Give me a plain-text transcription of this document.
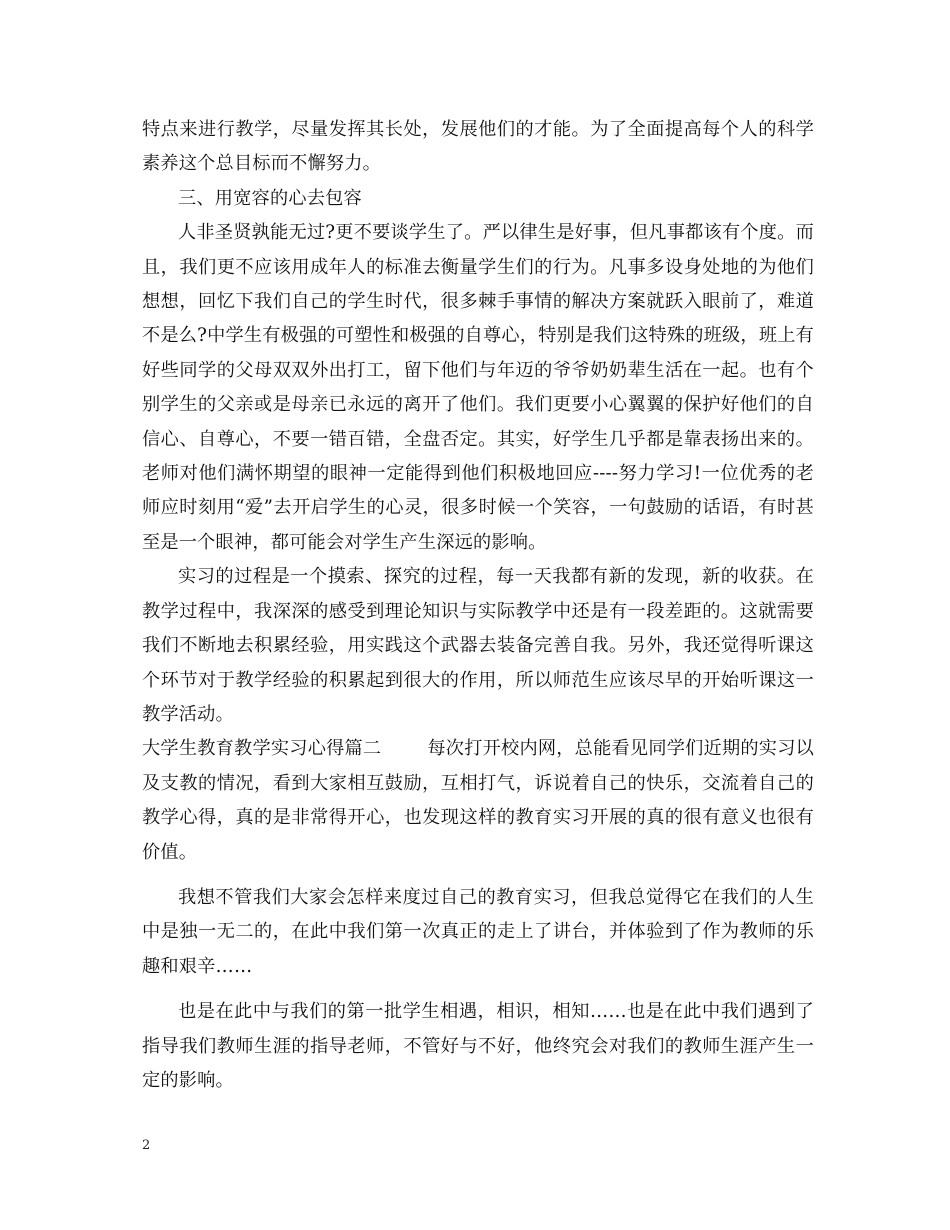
特点来进行教学，尽量发挥其长处，发展他们的才能。为了全面提高每个人的科学素养这个总目标而不懈努力。

三、用宽容的心去包容

人非圣贤孰能无过?更不要谈学生了。严以律生是好事，但凡事都该有个度。而且，我们更不应该用成年人的标准去衡量学生们的行为。凡事多设身处地的为他们想想，回忆下我们自己的学生时代，很多棘手事情的解决方案就跃入眼前了，难道不是么?中学生有极强的可塑性和极强的自尊心，特别是我们这特殊的班级，班上有好些同学的父母双双外出打工，留下他们与年迈的爷爷奶奶辈生活在一起。也有个别学生的父亲或是母亲已永远的离开了他们。我们更要小心翼翼的保护好他们的自信心、自尊心，不要一错百错，全盘否定。其实，好学生几乎都是靠表扬出来的。老师对他们满怀期望的眼神一定能得到他们积极地回应----努力学习!一位优秀的老师应时刻用“爱”去开启学生的心灵，很多时候一个笑容，一句鼓励的话语，有时甚至是一个眼神，都可能会对学生产生深远的影响。

实习的过程是一个摸索、探究的过程，每一天我都有新的发现，新的收获。在教学过程中，我深深的感受到理论知识与实际教学中还是有一段差距的。这就需要我们不断地去积累经验，用实践这个武器去装备完善自我。另外，我还觉得听课这个环节对于教学经验的积累起到很大的作用，所以师范生应该尽早的开始听课这一教学活动。

大学生教育教学实习心得篇二	每次打开校内网，总能看见同学们近期的实习以及支教的情况，看到大家相互鼓励，互相打气，诉说着自己的快乐，交流着自己的教学心得，真的是非常得开心，也发现这样的教育实习开展的真的很有意义也很有价值。

我想不管我们大家会怎样来度过自己的教育实习，但我总觉得它在我们的人生中是独一无二的，在此中我们第一次真正的走上了讲台，并体验到了作为教师的乐趣和艰辛……

也是在此中与我们的第一批学生相遇，相识，相知……也是在此中我们遇到了指导我们教师生涯的指导老师，不管好与不好，他终究会对我们的教师生涯产生一定的影响。

2
